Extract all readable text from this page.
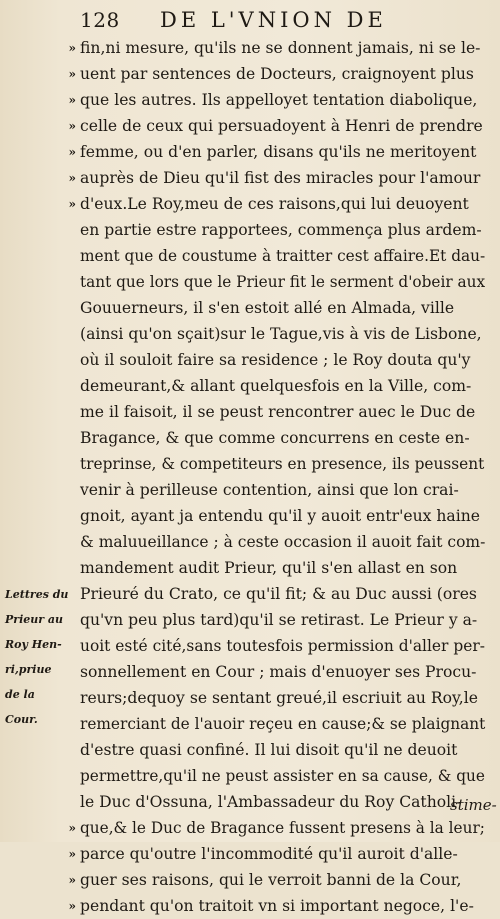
128 DE L'VNION DE
Lettres du
Prieur au
Roy Hen-
ri,priue
de la
Cour.
» fin,ni mesure, qu'ils ne se donnent jamais, ni se le-
» uent par sentences de Docteurs, craignoyent plus
» que les autres. Ils appelloyet tentation diabolique,
» celle de ceux qui persuadoyent à Henri de prendre
» femme, ou d'en parler, disans qu'ils ne meritoyent
» auprès de Dieu qu'il fist des miracles pour l'amour
» d'eux.Le Roy,meu de ces raisons,qui lui deuoyent
en partie estre rapportees, commença plus ardem-
ment que de coustume à traitter cest affaire.Et dau-
tant que lors que le Prieur fit le serment d'obeir aux
Gouuerneurs, il s'en estoit allé en Almada, ville
(ainsi qu'on sçait)sur le Tague,vis à vis de Lisbone,
où il souloit faire sa residence ; le Roy douta qu'y
demeurant,& allant quelquesfois en la Ville, com-
me il faisoit, il se peust rencontrer auec le Duc de
Bragance, & que comme concurrens en ceste en-
treprinse, & competiteurs en presence, ils peussent
venir à perilleuse contention, ainsi que lon crai-
gnoit, ayant ja entendu qu'il y auoit entr'eux haine
& maluueillance ; à ceste occasion il auoit fait com-
mandement audit Prieur, qu'il s'en allast en son
Prieuré du Crato, ce qu'il fit; & au Duc aussi (ores
qu'vn peu plus tard)qu'il se retirast. Le Prieur y a-
uoit esté cité,sans toutesfois permission d'aller per-
sonnellement en Cour ; mais d'enuoyer ses Procu-
reurs;dequoy se sentant greué,il escriuit au Roy,le
remerciant de l'auoir reçeu en cause;& se plaignant
d'estre quasi confiné. Il lui disoit qu'il ne deuoit
permettre,qu'il ne peust assister en sa cause, & que
le Duc d'Ossuna, l'Ambassadeur du Roy Catholi-
» que,& le Duc de Bragance fussent presens à la leur;
» parce qu'outre l'incommodité qu'il auroit d'alle-
» guer ses raisons, qui le verroit banni de la Cour,
» pendant qu'on traitoit vn si important negoce, l'e-
stime-
